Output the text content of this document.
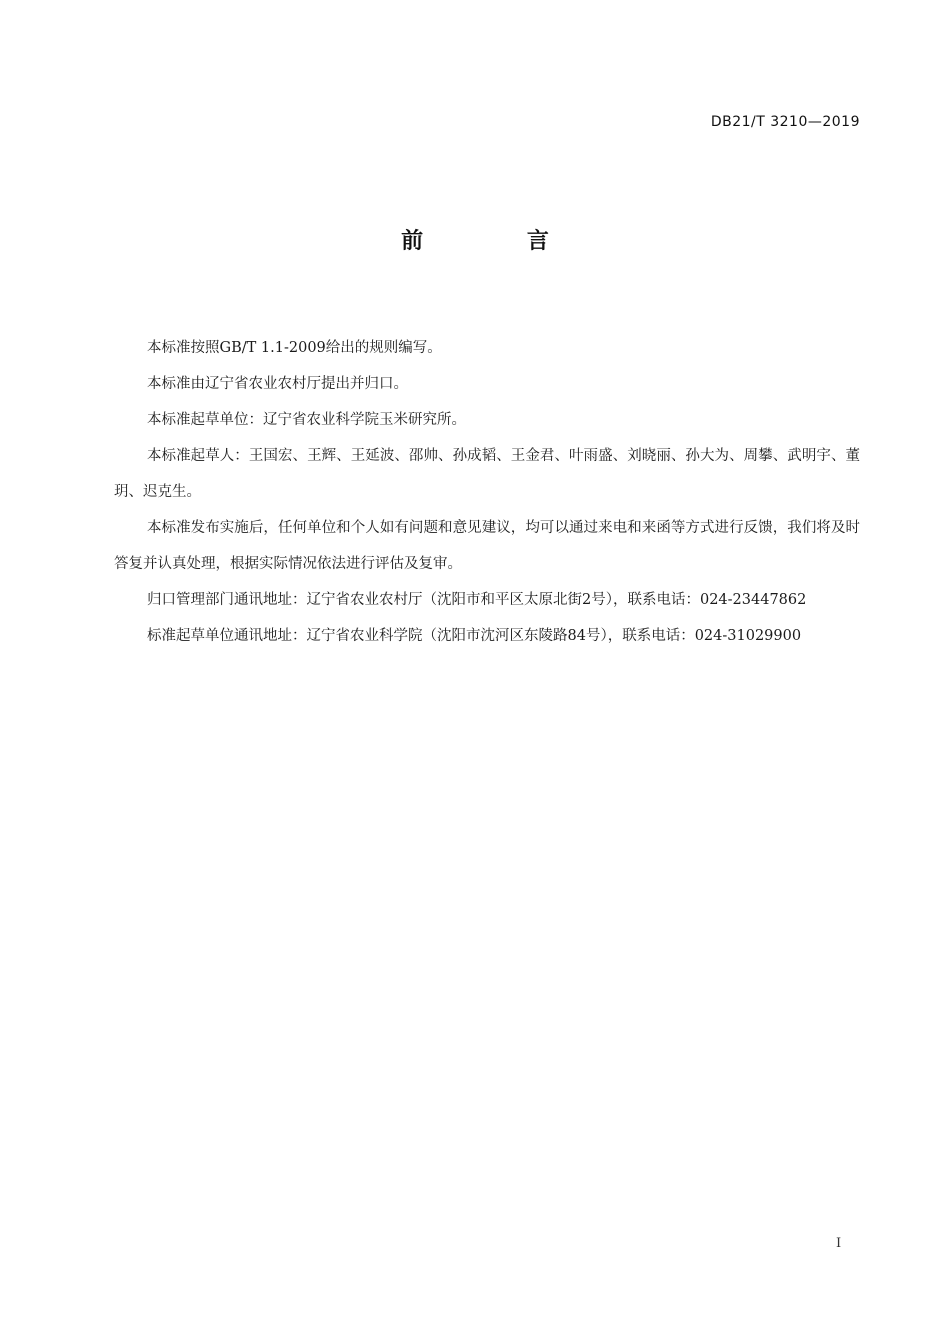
DB21/T 3210—2019
前 言

本标准按照GB/T 1.1-2009给出的规则编写。

本标准由辽宁省农业农村厅提出并归口。

本标准起草单位：辽宁省农业科学院玉米研究所。

本标准起草人：王国宏、王辉、王延波、邵帅、孙成韬、王金君、叶雨盛、刘晓丽、孙大为、周攀、武明宇、董玥、迟克生。

本标准发布实施后，任何单位和个人如有问题和意见建议，均可以通过来电和来函等方式进行反馈，我们将及时答复并认真处理，根据实际情况依法进行评估及复审。

归口管理部门通讯地址：辽宁省农业农村厅（沈阳市和平区太原北街2号），联系电话：024-23447862

标准起草单位通讯地址：辽宁省农业科学院（沈阳市沈河区东陵路84号），联系电话：024-31029900

I
